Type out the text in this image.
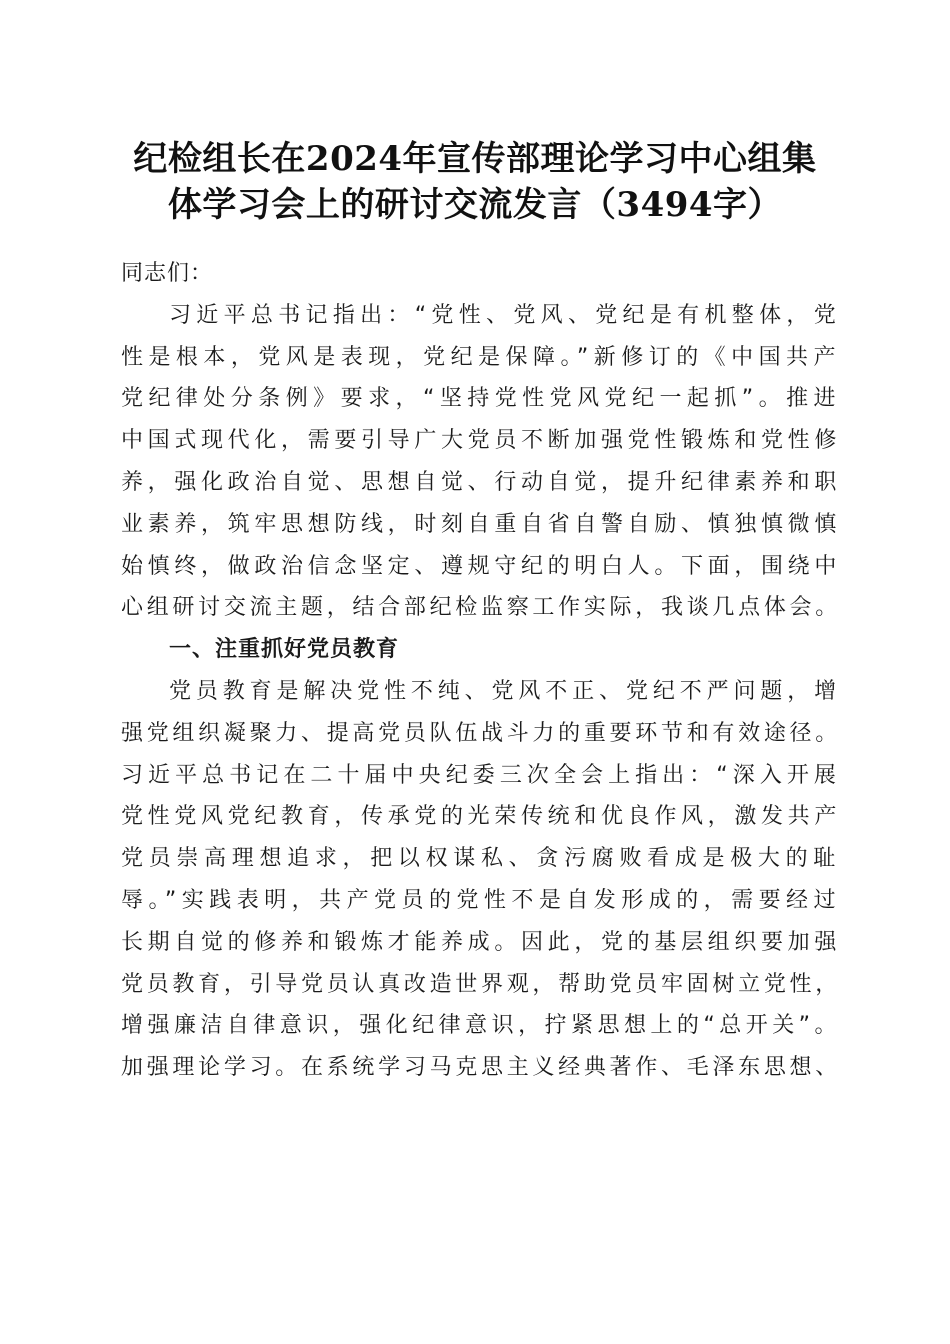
纪检组长在2024年宣传部理论学习中心组集
体学习会上的研讨交流发言（3494字）

同志们：

习近平总书记指出：“党性、党风、党纪是有机整体，党

性是根本，党风是表现，党纪是保障。”新修订的《中国共产

党纪律处分条例》要求，“坚持党性党风党纪一起抓”。推进

中国式现代化，需要引导广大党员不断加强党性锻炼和党性修

养，强化政治自觉、思想自觉、行动自觉，提升纪律素养和职

业素养，筑牢思想防线，时刻自重自省自警自励、慎独慎微慎

始慎终，做政治信念坚定、遵规守纪的明白人。下面，围绕中

心组研讨交流主题，结合部纪检监察工作实际，我谈几点体会。

一、注重抓好党员教育

党员教育是解决党性不纯、党风不正、党纪不严问题，增

强党组织凝聚力、提高党员队伍战斗力的重要环节和有效途径。

习近平总书记在二十届中央纪委三次全会上指出：“深入开展

党性党风党纪教育，传承党的光荣传统和优良作风，激发共产

党员崇高理想追求，把以权谋私、贪污腐败看成是极大的耻

辱。”实践表明，共产党员的党性不是自发形成的，需要经过

长期自觉的修养和锻炼才能养成。因此，党的基层组织要加强

党员教育，引导党员认真改造世界观，帮助党员牢固树立党性，

增强廉洁自律意识，强化纪律意识，拧紧思想上的“总开关”。

加强理论学习。在系统学习马克思主义经典著作、毛泽东思想、
